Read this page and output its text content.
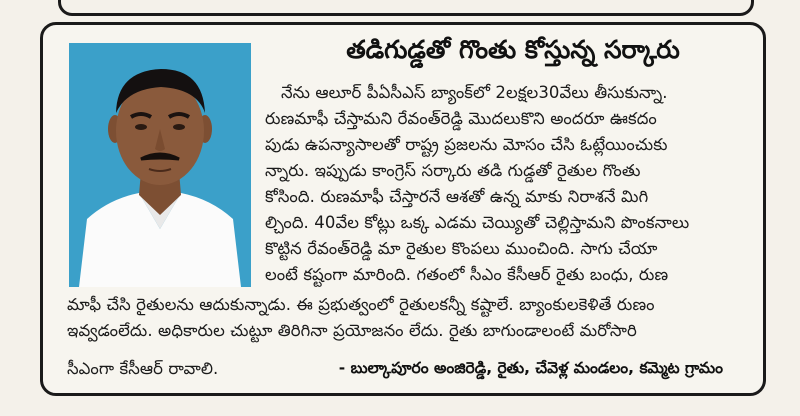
తడిగుడ్డతో గొంతు కోస్తున్న సర్కారు
నేను ఆలూర్ పీఏసీఎస్ బ్యాంక్‌లో 2లక్షల30వేలు తీసుకున్నా.
రుణమాఫీ చేస్తామని రేవంత్‌రెడ్డి మొదలుకొని అందరూ ఊకదం
పుడు ఉపన్యాసాలతో రాష్ట్ర ప్రజలను మోసం చేసి ఓట్లేయించుకు
న్నారు. ఇప్పుడు కాంగ్రెస్ సర్కారు తడి గుడ్డతో రైతుల గొంతు
కోసింది. రుణమాఫీ చేస్తారనే ఆశతో ఉన్న మాకు నిరాశనే మిగి
ల్చింది. 40వేల కోట్లు ఒక్క ఎడమ చెయ్యితో చెల్లిస్తామని పొంకనాలు
కొట్టిన రేవంత్‌రెడ్డి మా రైతుల కొంపలు ముంచింది. సాగు చేయా
లంటే కష్టంగా మారింది. గతంలో సీఎం కేసీఆర్ రైతు బంధు, రుణ
మాఫీ చేసి రైతులను ఆదుకున్నాడు. ఈ ప్రభుత్వంలో రైతులకన్నీ కష్టాలే. బ్యాంకులకెళితే రుణం
ఇవ్వడంలేదు. అధికారుల చుట్టూ తిరిగినా ప్రయోజనం లేదు. రైతు బాగుండాలంటే మరోసారి
సీఎంగా కేసీఆర్ రావాలి.	- బుల్కాపూరం అంజిరెడ్డి, రైతు, చేవెళ్ల మండలం, కమ్మెట గ్రామం
